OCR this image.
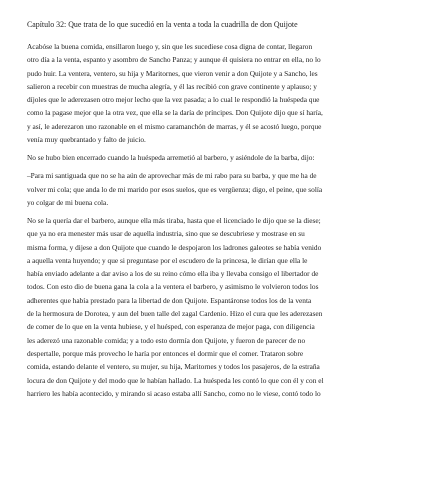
Capítulo 32: Que trata de lo que sucedió en la venta a toda la cuadrilla de don Quijote

Acabóse la buena comida, ensillaron luego y, sin que les sucediese cosa digna de contar, llegaron
otro día a la venta, espanto y asombro de Sancho Panza; y aunque él quisiera no entrar en ella, no lo
pudo huir. La ventera, ventero, su hija y Maritornes, que vieron venir a don Quijote y a Sancho, les
salieron a recebir con muestras de mucha alegría, y él las recibió con grave continente y aplauso; y
díjoles que le aderezasen otro mejor lecho que la vez pasada; a lo cual le respondió la huéspeda que
como la pagase mejor que la otra vez, que ella se la daría de príncipes. Don Quijote dijo que sí haría,
y así, le aderezaron uno razonable en el mismo caramanchón de marras, y él se acostó luego, porque
venía muy quebrantado y falto de juicio.

No se hubo bien encerrado cuando la huéspeda arremetió al barbero, y asiéndole de la barba, dijo:

–Para mi santiguada que no se ha aún de aprovechar más de mi rabo para su barba, y que me ha de
volver mi cola; que anda lo de mi marido por esos suelos, que es vergüenza; digo, el peine, que solía
yo colgar de mi buena cola.

No se la quería dar el barbero, aunque ella más tiraba, hasta que el licenciado le dijo que se la diese;
que ya no era menester más usar de aquella industria, sino que se descubriese y mostrase en su
misma forma, y dijese a don Quijote que cuando le despojaron los ladrones galeotes se había venido
a aquella venta huyendo; y que si preguntase por el escudero de la princesa, le dirían que ella le
había enviado adelante a dar aviso a los de su reino cómo ella iba y llevaba consigo el libertador de
todos. Con esto dio de buena gana la cola a la ventera el barbero, y asimismo le volvieron todos los
adherentes que había prestado para la libertad de don Quijote. Espantáronse todos los de la venta
de la hermosura de Dorotea, y aun del buen talle del zagal Cardenio. Hizo el cura que les aderezasen
de comer de lo que en la venta hubiese, y el huésped, con esperanza de mejor paga, con diligencia
les aderezó una razonable comida; y a todo esto dormía don Quijote, y fueron de parecer de no
despertalle, porque más provecho le haría por entonces el dormir que el comer. Trataron sobre
comida, estando delante el ventero, su mujer, su hija, Maritornes y todos los pasajeros, de la estraña
locura de don Quijote y del modo que le habían hallado. La huéspeda les contó lo que con él y con el
harriero les había acontecido, y mirando si acaso estaba allí Sancho, como no le viese, contó todo lo
